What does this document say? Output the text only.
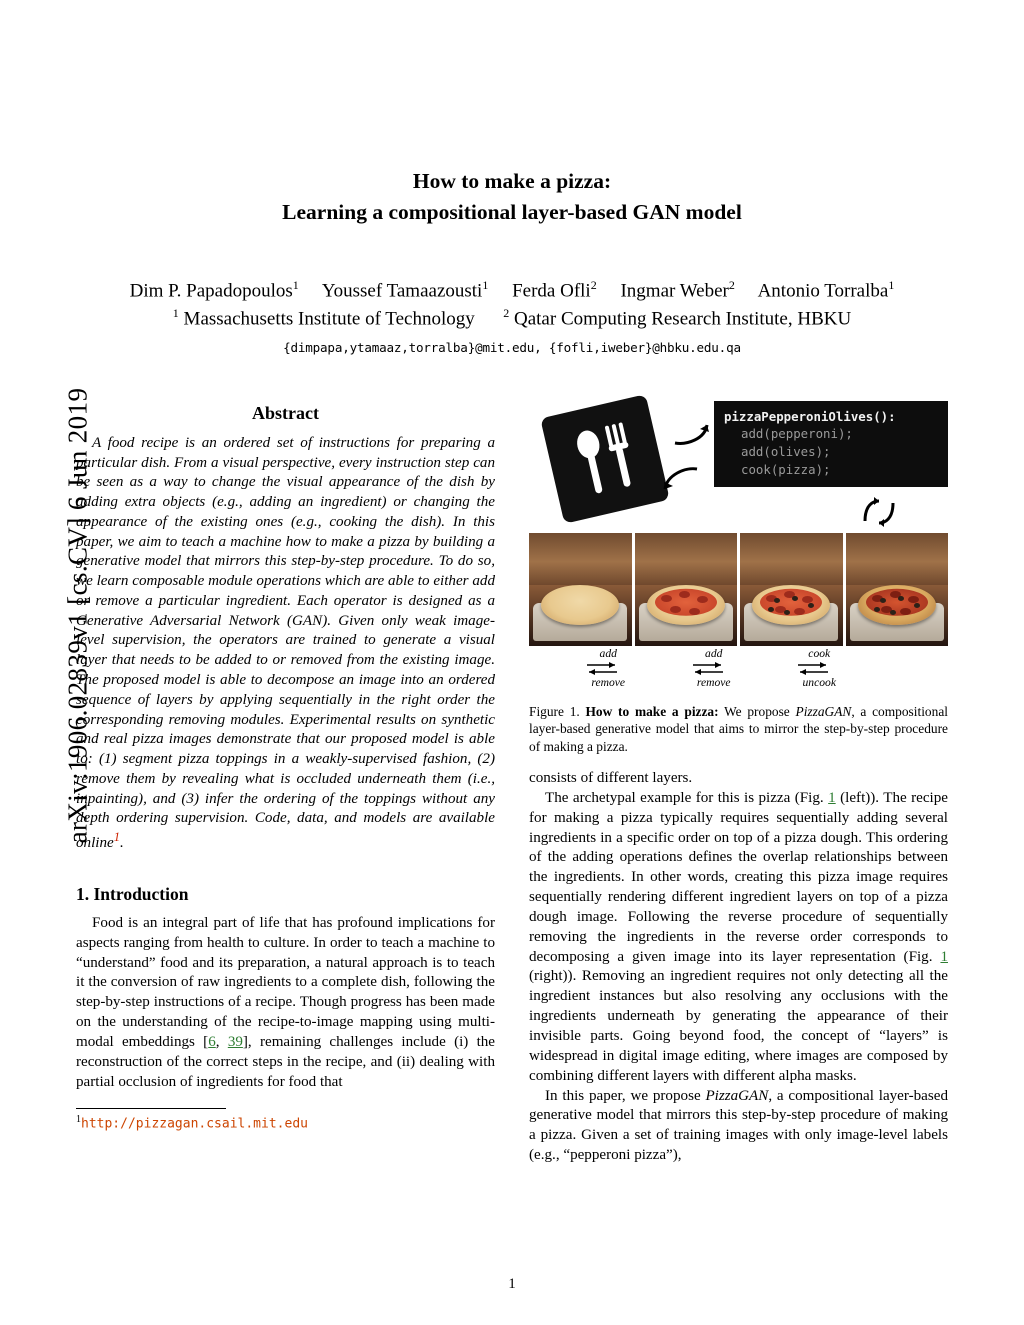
arXiv:1906.02839v1 [cs.CV] 6 Jun 2019
How to make a pizza:
Learning a compositional layer-based GAN model
Dim P. Papadopoulos$^1$ Youssef Tamaazousti$^1$ Ferda Ofli$^2$ Ingmar Weber$^2$ Antonio Torralba$^1$
$^1$ Massachusetts Institute of Technology $^2$ Qatar Computing Research Institute, HBKU
{dimpapa,ytamaaz,torralba}@mit.edu, {fofli,iweber}@hbku.edu.qa
Abstract

A food recipe is an ordered set of instructions for preparing a particular dish. From a visual perspective, every instruction step can be seen as a way to change the visual appearance of the dish by adding extra objects (e.g., adding an ingredient) or changing the appearance of the existing ones (e.g., cooking the dish). In this paper, we aim to teach a machine how to make a pizza by building a generative model that mirrors this step-by-step procedure. To do so, we learn composable module operations which are able to either add or remove a particular ingredient. Each operator is designed as a Generative Adversarial Network (GAN). Given only weak image-level supervision, the operators are trained to generate a visual layer that needs to be added to or removed from the existing image. The proposed model is able to decompose an image into an ordered sequence of layers by applying sequentially in the right order the corresponding removing modules. Experimental results on synthetic and real pizza images demonstrate that our proposed model is able to: (1) segment pizza toppings in a weakly-supervised fashion, (2) remove them by revealing what is occluded underneath them (i.e., inpainting), and (3) infer the ordering of the toppings without any depth ordering supervision. Code, data, and models are available online$^1$.

1. Introduction

Food is an integral part of life that has profound implications for aspects ranging from health to culture. In order to teach a machine to “understand” food and its preparation, a natural approach is to teach it the conversion of raw ingredients to a complete dish, following the step-by-step instructions of a recipe. Though progress has been made on the understanding of the recipe-to-image mapping using multi-modal embeddings [6, 39], remaining challenges include (i) the reconstruction of the correct steps in the recipe, and (ii) dealing with partial occlusion of ingredients for food that

$^1$http://pizzagan.csail.mit.edu
pizzaPepperoniOlives():
add(pepperoni);
add(olives);
cook(pizza);
add
remove
add
remove
cook
uncook
Figure 1. How to make a pizza: We propose PizzaGAN, a compositional layer-based generative model that aims to mirror the step-by-step procedure of making a pizza.

consists of different layers.

The archetypal example for this is pizza (Fig. 1 (left)). The recipe for making a pizza typically requires sequentially adding several ingredients in a specific order on top of a pizza dough. This ordering of the adding operations defines the overlap relationships between the ingredients. In other words, creating this pizza image requires sequentially rendering different ingredient layers on top of a pizza dough image. Following the reverse procedure of sequentially removing the ingredients in the reverse order corresponds to decomposing a given image into its layer representation (Fig. 1 (right)). Removing an ingredient requires not only detecting all the ingredient instances but also resolving any occlusions with the ingredients underneath by generating the appearance of their invisible parts. Going beyond food, the concept of “layers” is widespread in digital image editing, where images are composed by combining different layers with different alpha masks.

In this paper, we propose PizzaGAN, a compositional layer-based generative model that mirrors this step-by-step procedure of making a pizza. Given a set of training images with only image-level labels (e.g., “pepperoni pizza”),

1
